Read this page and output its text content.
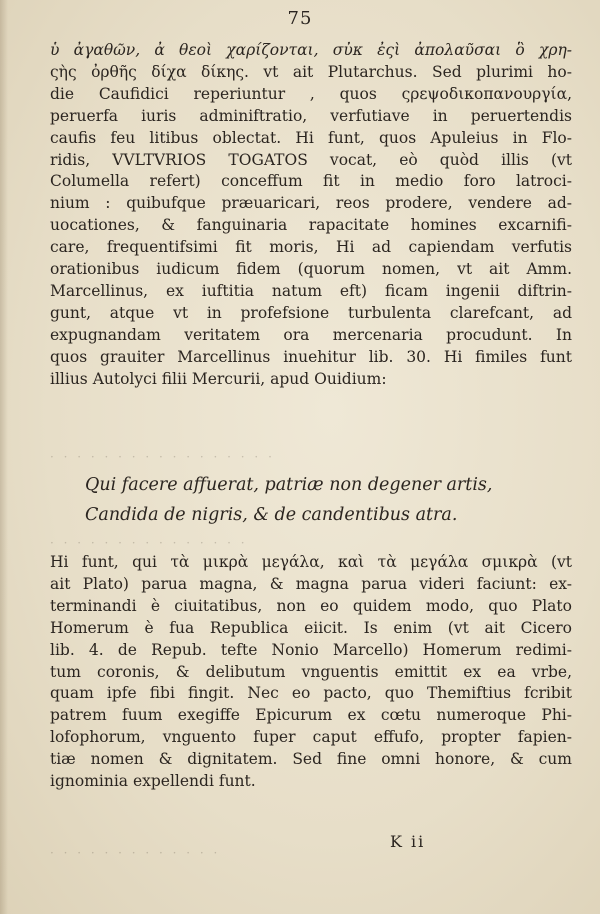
75
ὑ ἀγαθῶν, ἀ θεοὶ χαρίζονται, σὐκ ἐςὶ ἀπολαῦσαι ὃ χρη-
ςὴς ὀρθῆς δίχα δίκης. vt ait Plutarchus. Sed plurimi ho-
die Caufidici reperiuntur , quos ςρεψοδικοπανουργία,
peruerfa iuris adminiftratio, verfutiave in peruertendis
caufis feu litibus oblectat. Hi funt, quos Apuleius in Flo-
ridis, VVLTVRIOS TOGATOS vocat, eò quòd illis (vt
Columella refert) conceffum fit in medio foro latroci-
nium : quibufque præuaricari, reos prodere, vendere ad-
uocationes, & fanguinaria rapacitate homines excarnifi-
care, frequentifsimi fit moris, Hi ad capiendam verfutis
orationibus iudicum fidem (quorum nomen, vt ait Amm.
Marcellinus, ex iuftitia natum eft) ficam ingenii diftrin-
gunt, atque vt in profefsione turbulenta clarefcant, ad
expugnandam veritatem ora mercenaria procudunt. In
quos grauiter Marcellinus inuehitur lib. 30. Hi fimiles funt
illius Autolyci filii Mercurii, apud Ouidium:
· · · · · · · · · · · · · · · · ·
Qui facere affuerat, patriæ non degener artis,
Candida de nigris, & de candentibus atra.
· · · · · · · · · · · · · · ·
Hi funt, qui τὰ μικρὰ μεγάλα, καὶ τὰ μεγάλα σμικρὰ (vt
ait Plato) parua magna, & magna parua videri faciunt: ex-
terminandi è ciuitatibus, non eo quidem modo, quo Plato
Homerum è fua Republica eiicit. Is enim (vt ait Cicero
lib. 4. de Repub. tefte Nonio Marcello) Homerum redimi-
tum coronis, & delibutum vnguentis emittit ex ea vrbe,
quam ipfe fibi fingit. Nec eo pacto, quo Themiftius fcribit
patrem fuum exegiffe Epicurum ex cœtu numeroque Phi-
lofophorum, vnguento fuper caput effufo, propter fapien-
tiæ nomen & dignitatem. Sed fine omni honore, & cum
ignominia expellendi funt.
K ii
· · · · · · · · · · · · ·
